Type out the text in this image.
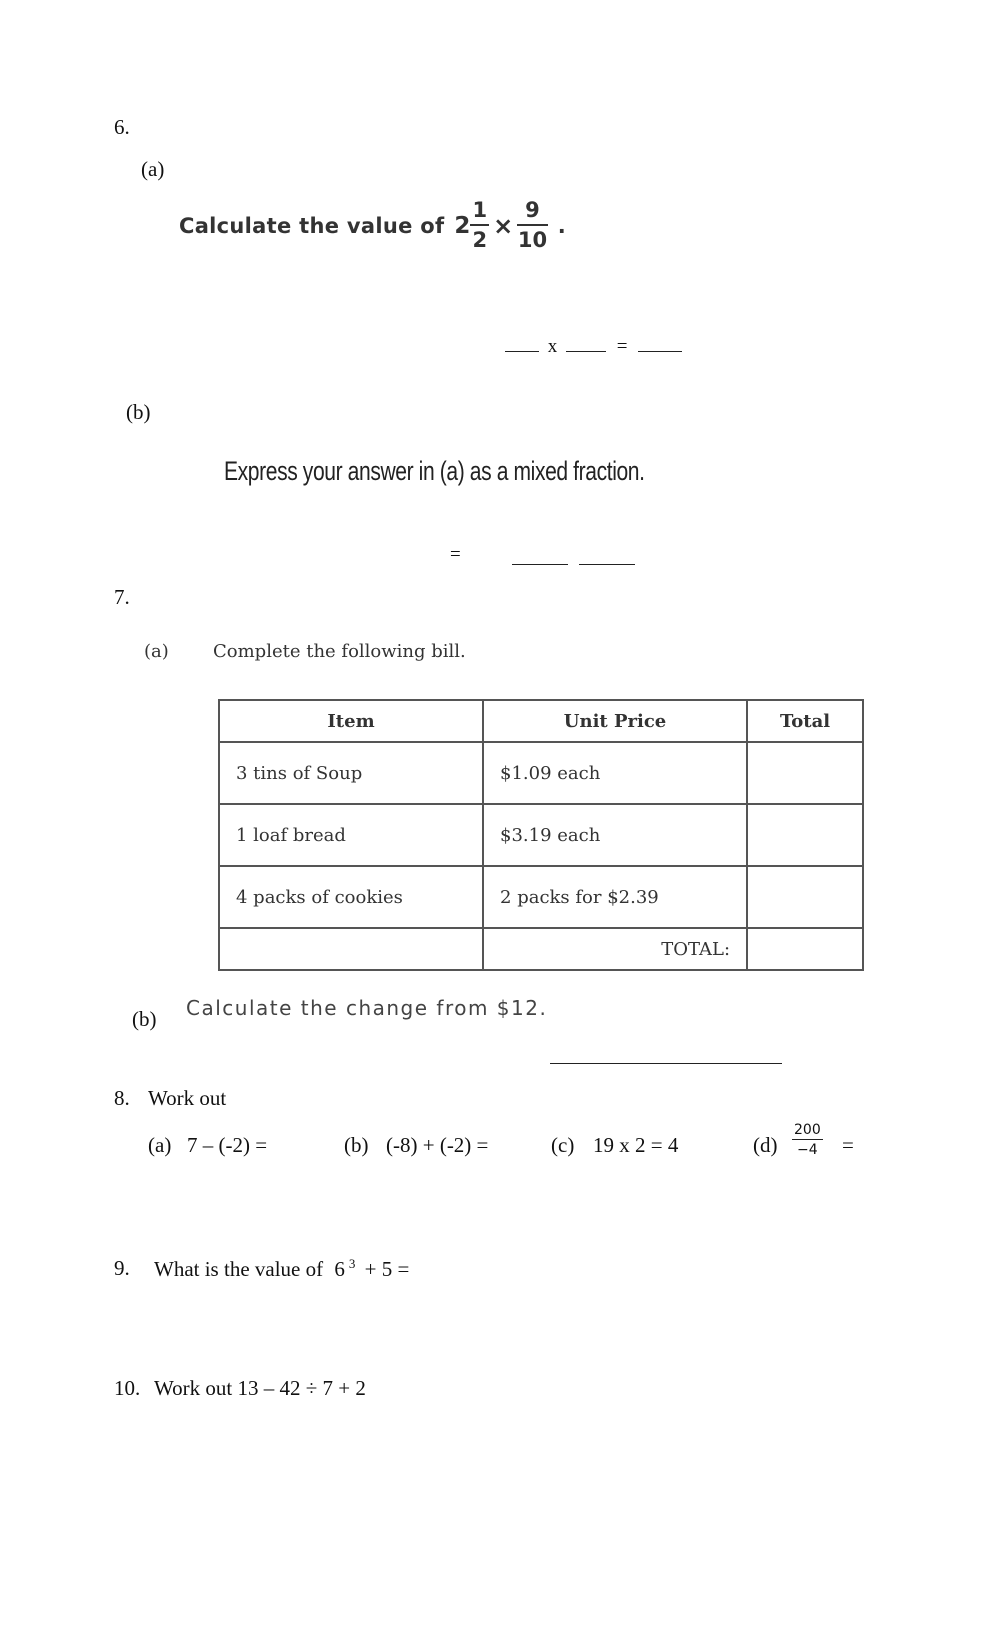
6.
(a)
Calculate the value of $2 \frac{1}{2} \times \frac{9}{10}$ .
x	=
(b)
Express your answer in (a) as a mixed fraction.
=
7.
(a) Complete the following bill.
Item	Unit Price	Total
3 tins of Soup	$1.09 each	
1 loaf bread	$3.19 each	
4 packs of cookies	2 packs for $2.39	
	TOTAL:	
(b) Calculate the change from $12.
8. Work out
(a) 7 – (-2) =	(b) (-8) + (-2) =	(c) 19 x 2 = 4	$(d) \frac{200}{-4}$ =
9. What is the value of 6 $^3$ + 5 =
10. Work out 13 – 42 ÷ 7 + 2
